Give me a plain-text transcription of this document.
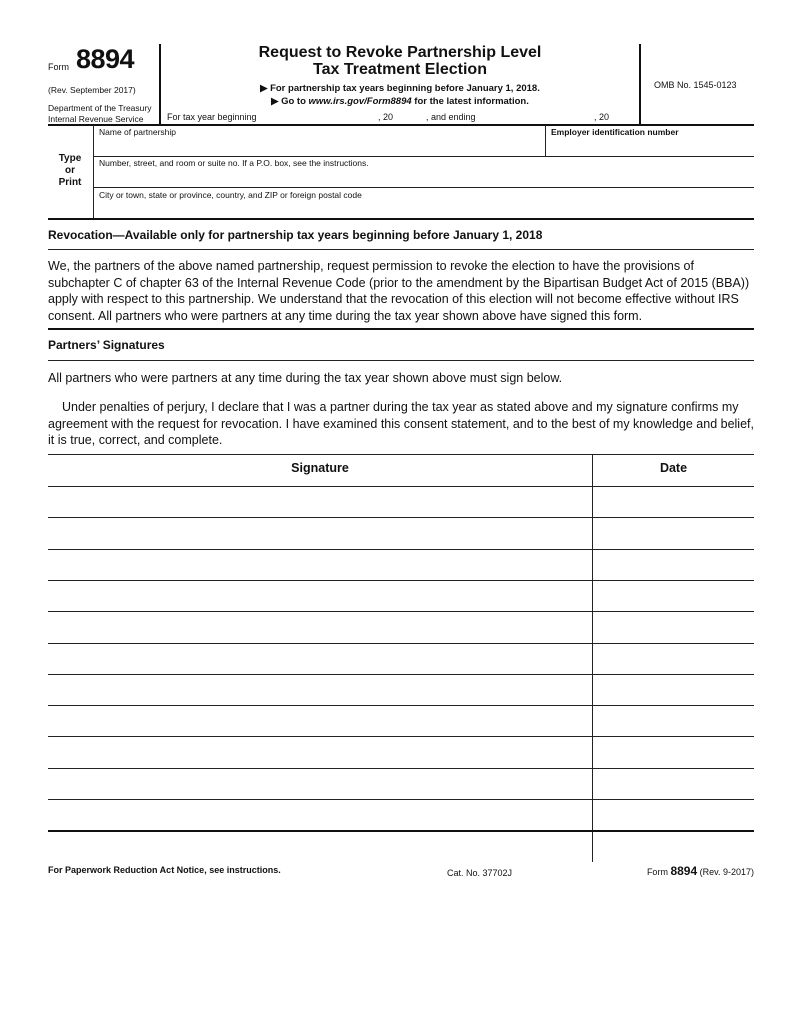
Form 8894
(Rev. September 2017)
Department of the Treasury
Internal Revenue Service
Request to Revoke Partnership Level
Tax Treatment Election
▶ For partnership tax years beginning before January 1, 2018.
▶ Go to www.irs.gov/Form8894 for the latest information.
OMB No. 1545-0123
For tax year beginning	, 20	, and ending	, 20
Type
or
Print
Name of partnership	Employer identification number
Number, street, and room or suite no. If a P.O. box, see the instructions.
City or town, state or province, country, and ZIP or foreign postal code
Revocation—Available only for partnership tax years beginning before January 1, 2018
We, the partners of the above named partnership, request permission to revoke the election to have the provisions of subchapter C of chapter 63 of the Internal Revenue Code (prior to the amendment by the Bipartisan Budget Act of 2015 (BBA)) apply with respect to this partnership. We understand that the revocation of this election will not become effective without IRS consent. All partners who were partners at any time during the tax year shown above have signed this form.
Partners’ Signatures
All partners who were partners at any time during the tax year shown above must sign below.
Under penalties of perjury, I declare that I was a partner during the tax year as stated above and my signature confirms my agreement with the request for revocation. I have examined this consent statement, and to the best of my knowledge and belief, it is true, correct, and complete.
Signature	Date
For Paperwork Reduction Act Notice, see instructions.	Cat. No. 37702J	Form 8894 (Rev. 9-2017)
